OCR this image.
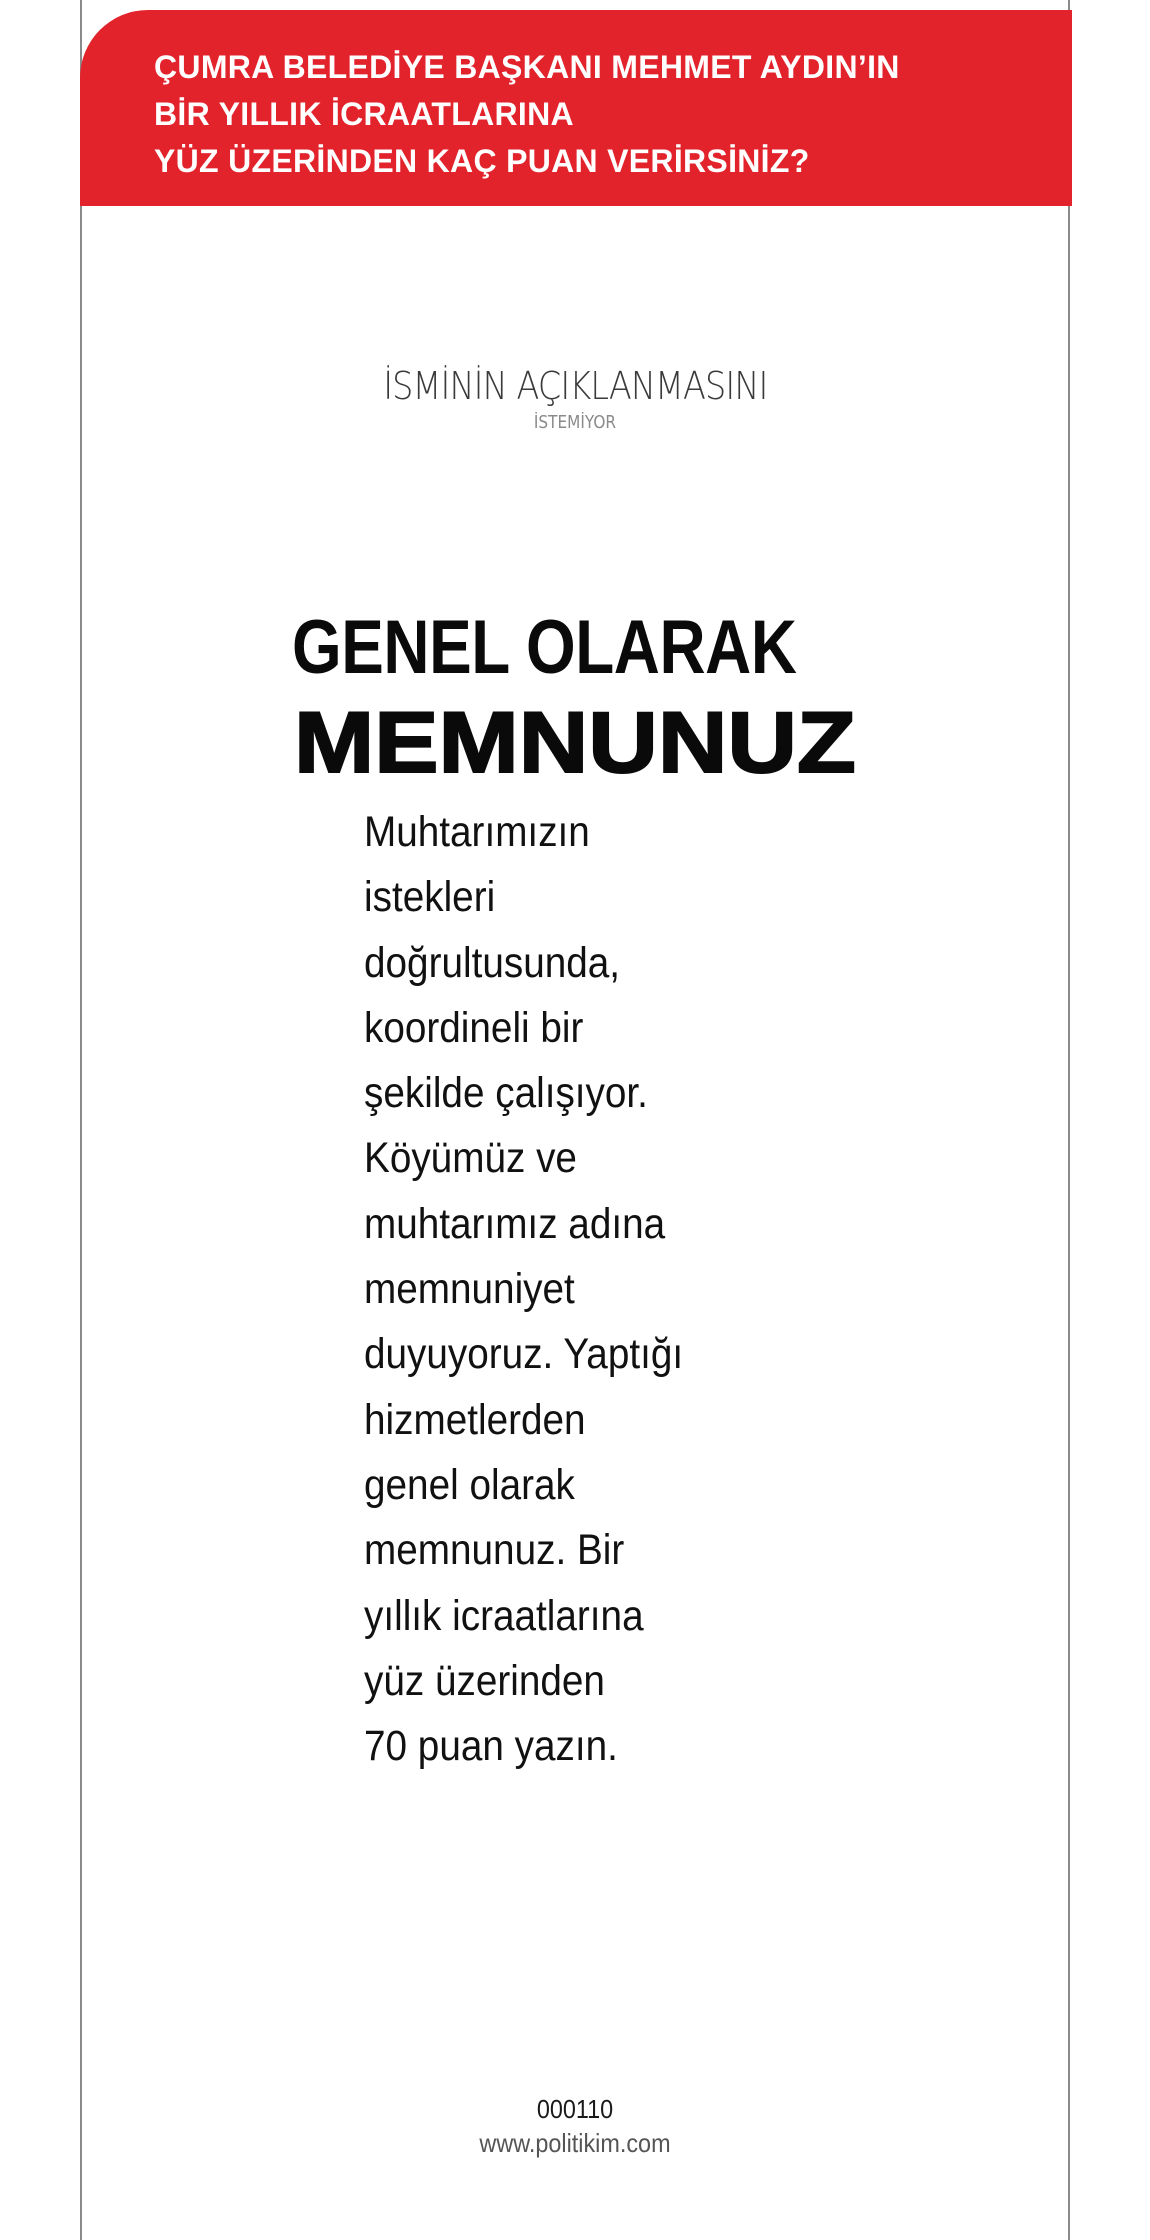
ÇUMRA BELEDİYE BAŞKANI MEHMET AYDIN’IN
BİR YILLIK İCRAATLARINA
YÜZ ÜZERİNDEN KAÇ PUAN VERİRSİNİZ?
İSMİNİN AÇIKLANMASINI
İSTEMİYOR
GENEL OLARAK
MEMNUNUZ
Muhtarımızın
istekleri
doğrultusunda,
koordineli bir
şekilde çalışıyor.
Köyümüz ve
muhtarımız adına
memnuniyet
duyuyoruz. Yaptığı
hizmetlerden
genel olarak
memnunuz. Bir
yıllık icraatlarına
yüz üzerinden
70 puan yazın.
000110
www.politikim.com
